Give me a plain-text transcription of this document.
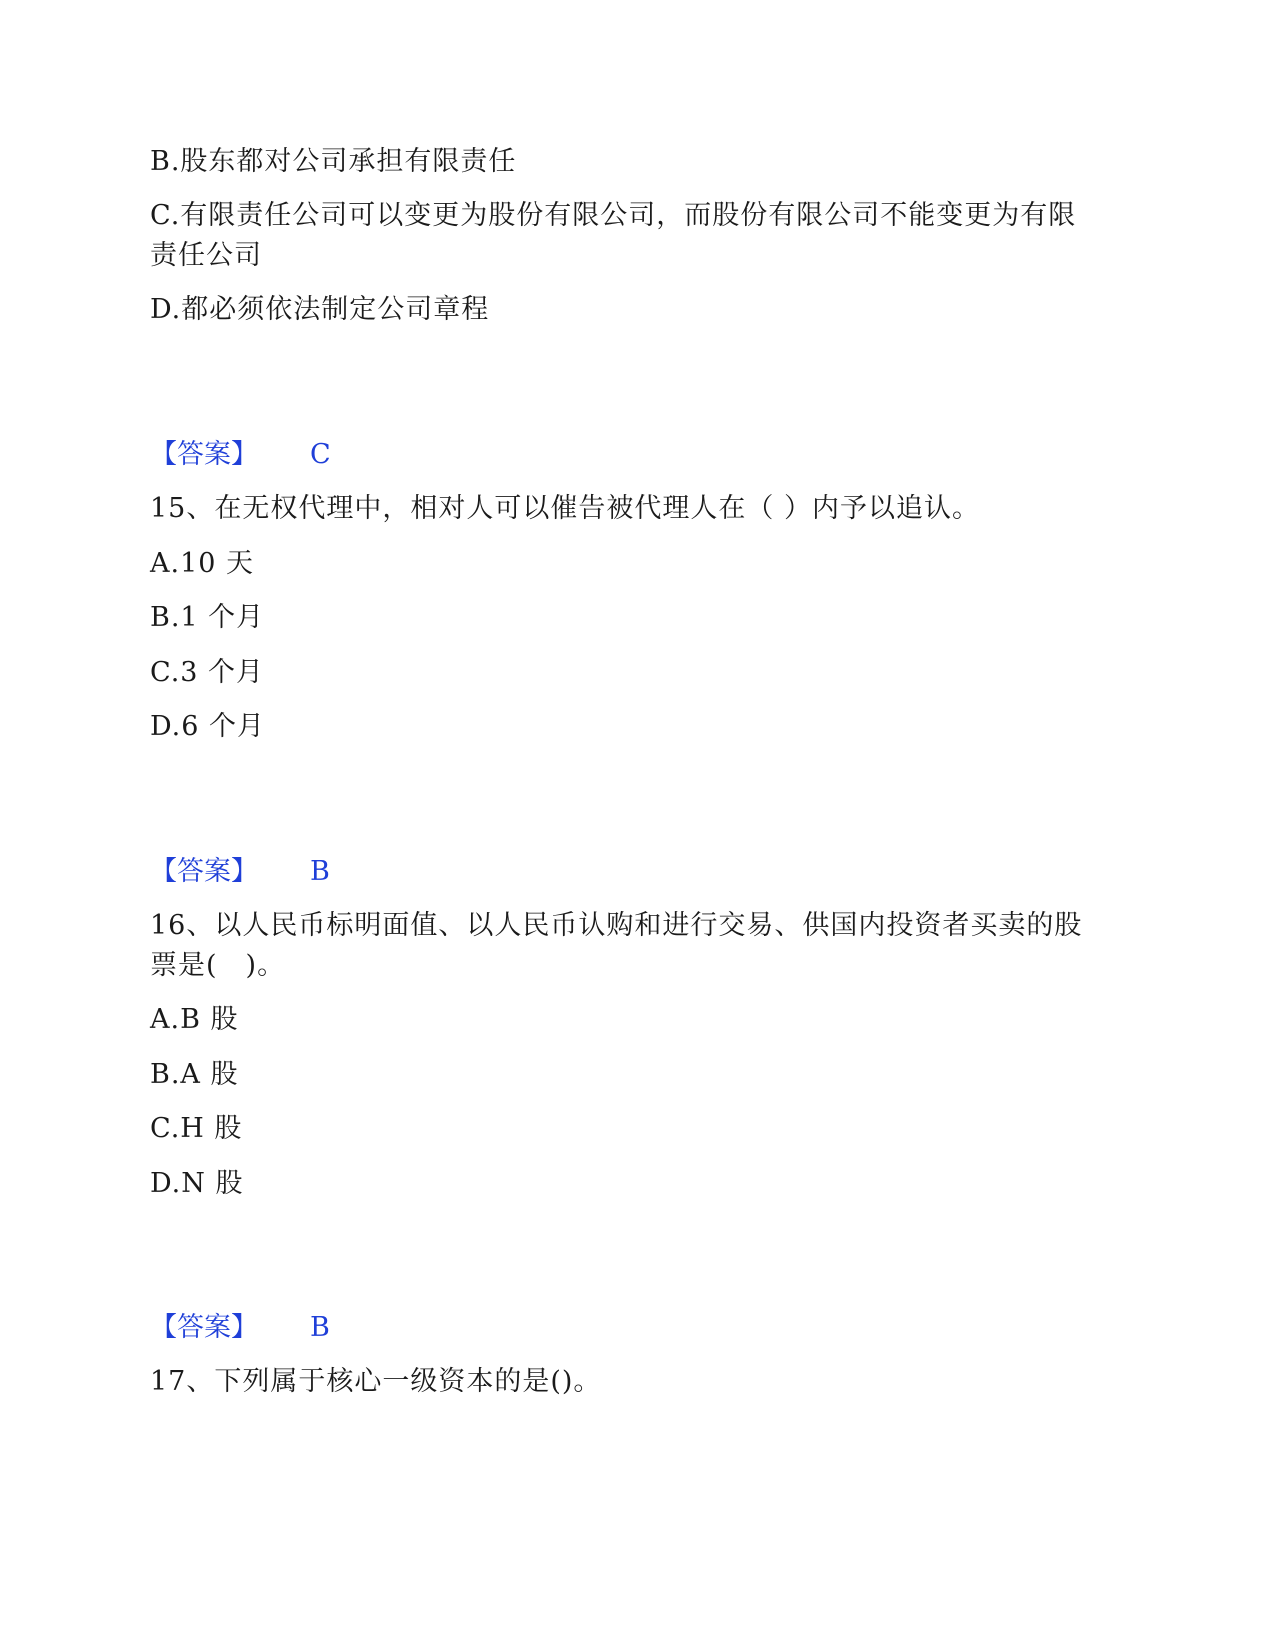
B.股东都对公司承担有限责任
C.有限责任公司可以变更为股份有限公司，而股份有限公司不能变更为有限
责任公司
D.都必须依法制定公司章程
【答案】 C
15、在无权代理中，相对人可以催告被代理人在（ ）内予以追认。
A.10 天
B.1 个月
C.3 个月
D.6 个月
【答案】 B
16、以人民币标明面值、以人民币认购和进行交易、供国内投资者买卖的股
票是(　)。
A.B 股
B.A 股
C.H 股
D.N 股
【答案】 B
17、下列属于核心一级资本的是()。
